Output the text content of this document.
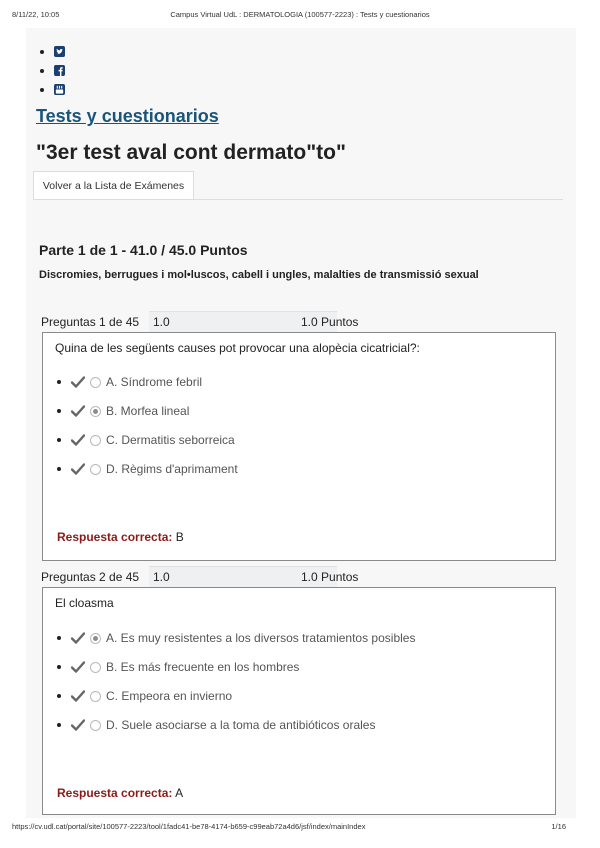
8/11/22, 10:05	Campus Virtual UdL : DERMATOLOGIA (100577-2223) : Tests y cuestionarios
Tests y cuestionarios
"3er test aval cont dermato"to"
Volver a la Lista de Exámenes
Parte 1 de 1 - 41.0 / 45.0 Puntos
Discromies, berrugues i mol•luscos, cabell i ungles, malalties de transmissió sexual
Preguntas 1 de 45 1.0	1.0 Puntos
Quina de les següents causes pot provocar una alopècia cicatricial?:
A. Síndrome febril
B. Morfea lineal
C. Dermatitis seborreica
D. Règims d'aprimament
Respuesta correcta: B
Preguntas 2 de 45 1.0	1.0 Puntos
El cloasma
A. Es muy resistentes a los diversos tratamientos posibles
B. Es más frecuente en los hombres
C. Empeora en invierno
D. Suele asociarse a la toma de antibióticos orales
Respuesta correcta: A
https://cv.udl.cat/portal/site/100577-2223/tool/1fadc41-be78-4174-b659-c99eab72a4d6/jsf/index/mainIndex	1/16
